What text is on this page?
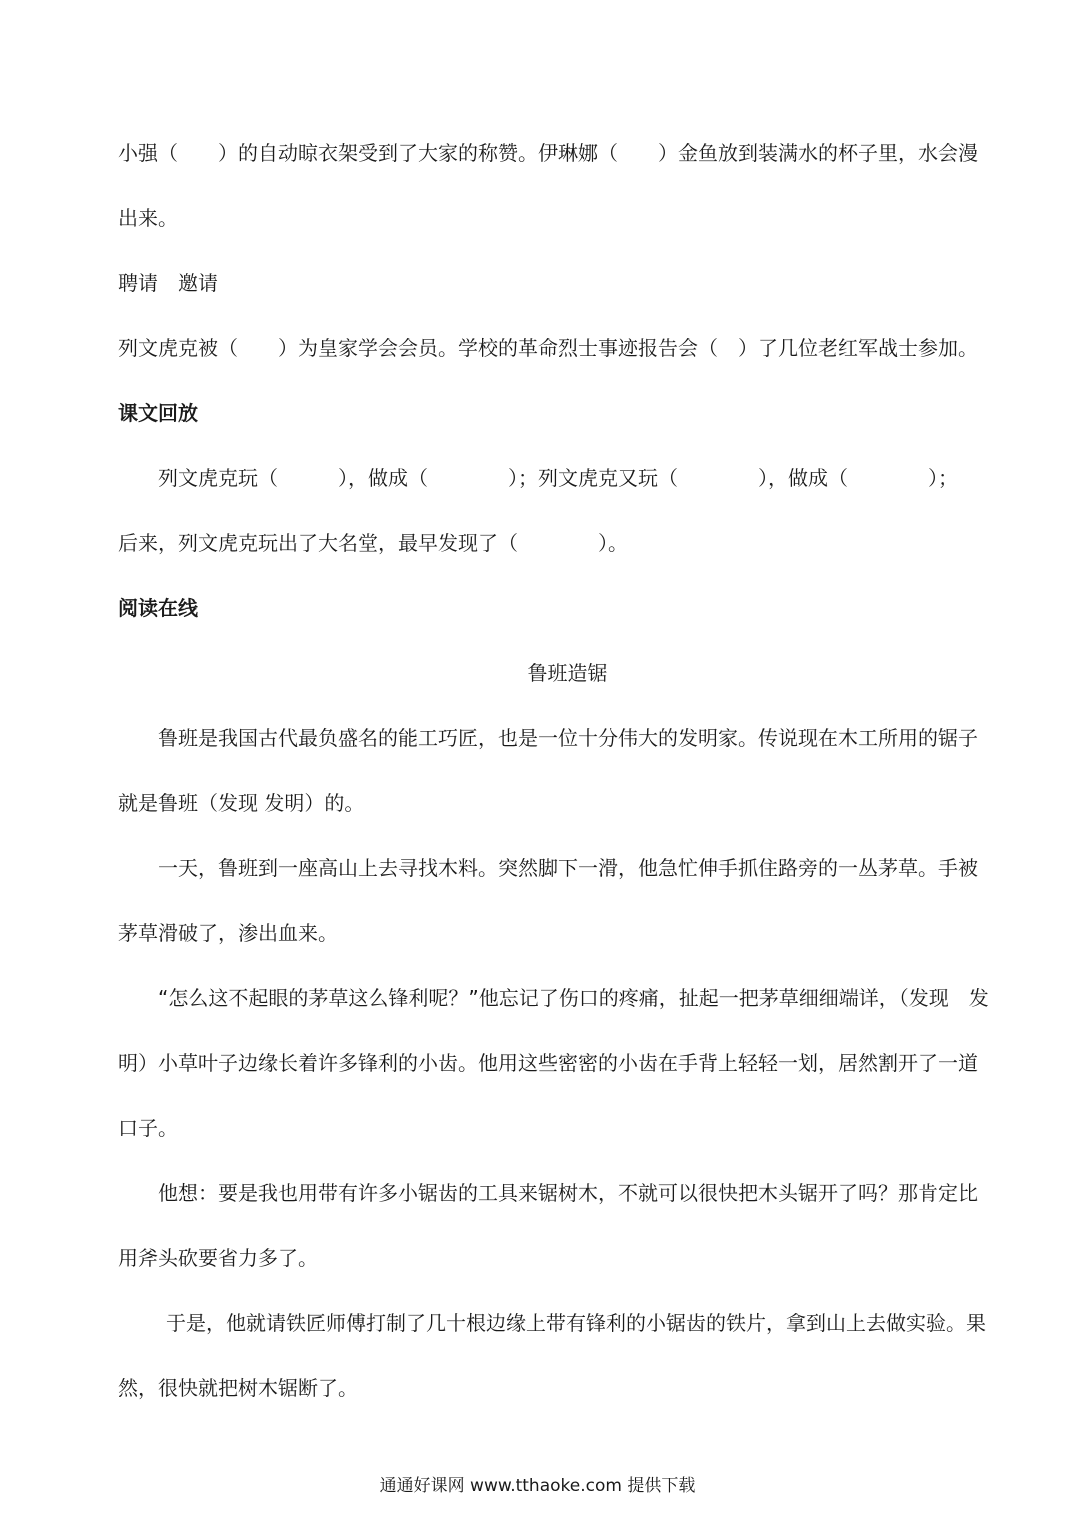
小强（　　）的自动晾衣架受到了大家的称赞。伊琳娜（　　）金鱼放到装满水的杯子里，水会漫
出来。
聘请　邀请
列文虎克被（　　）为皇家学会会员。学校的革命烈士事迹报告会（　）了几位老红军战士参加。
课文回放
列文虎克玩（　　　），做成（　　　　）；列文虎克又玩（　　　　），做成（　　　　）；
后来，列文虎克玩出了大名堂，最早发现了（　　　　）。
阅读在线
鲁班造锯
鲁班是我国古代最负盛名的能工巧匠，也是一位十分伟大的发明家。传说现在木工所用的锯子
就是鲁班（发现 发明）的。
一天，鲁班到一座高山上去寻找木料。突然脚下一滑，他急忙伸手抓住路旁的一丛茅草。手被
茅草滑破了，渗出血来。
“怎么这不起眼的茅草这么锋利呢？”他忘记了伤口的疼痛，扯起一把茅草细细端详，（发现　发
明）小草叶子边缘长着许多锋利的小齿。他用这些密密的小齿在手背上轻轻一划，居然割开了一道
口子。
他想：要是我也用带有许多小锯齿的工具来锯树木，不就可以很快把木头锯开了吗？那肯定比
用斧头砍要省力多了。
于是，他就请铁匠师傅打制了几十根边缘上带有锋利的小锯齿的铁片，拿到山上去做实验。果
然，很快就把树木锯断了。
通通好课网 www.tthaoke.com 提供下载
